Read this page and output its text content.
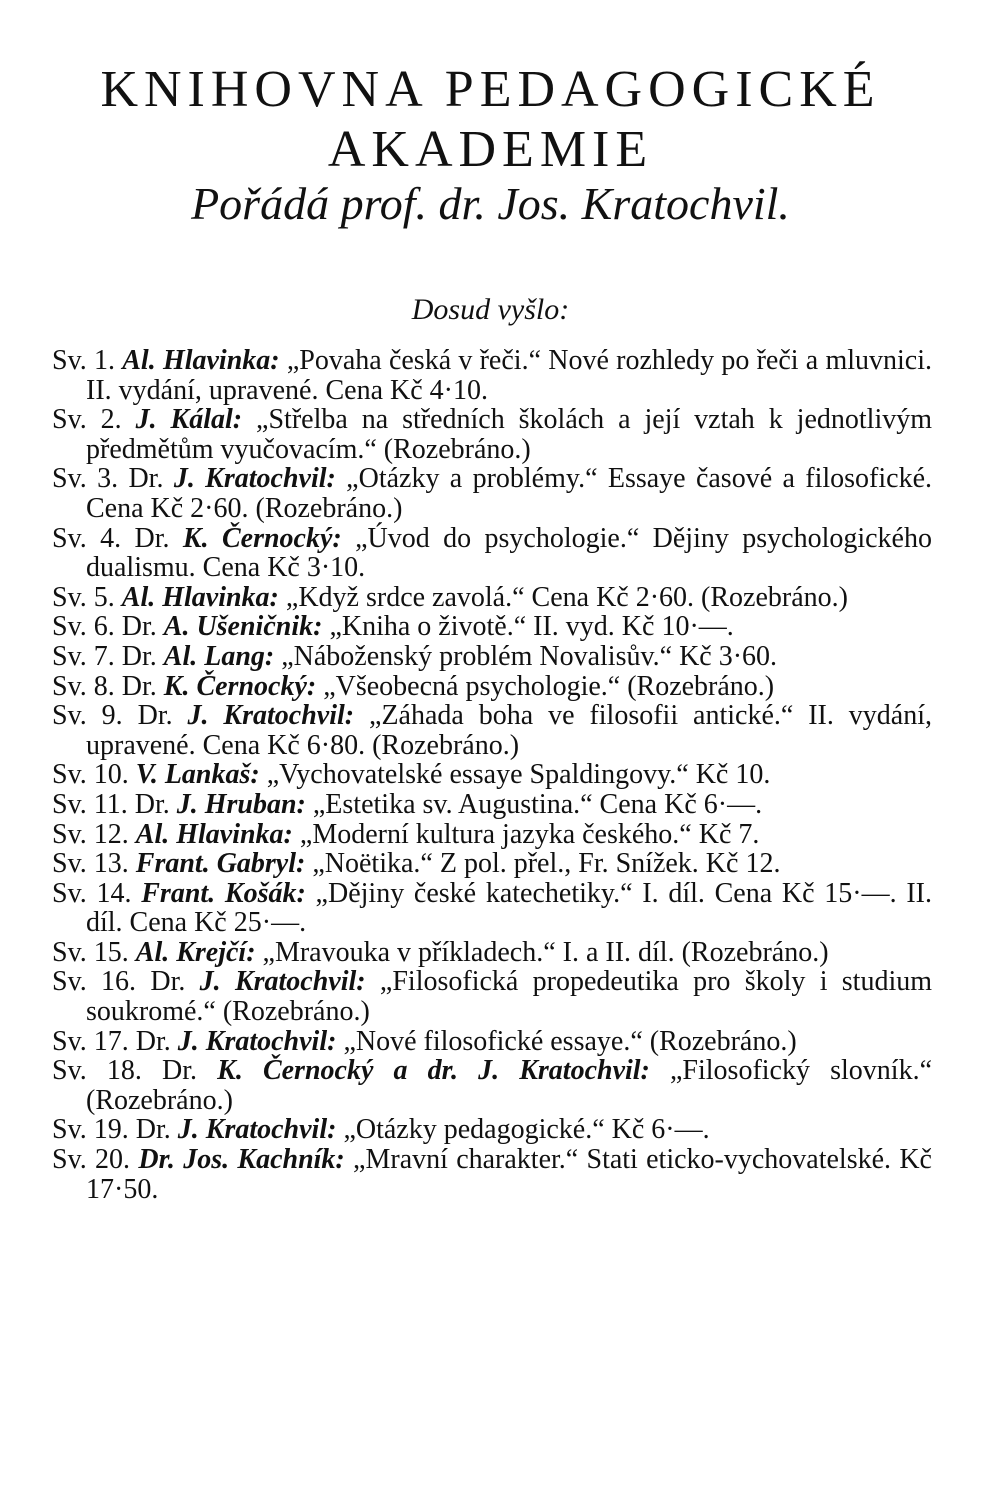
KNIHOVNA PEDAGOGICKÉ
AKADEMIE
Pořádá prof. dr. Jos. Kratochvil.
Dosud vyšlo:
Sv. 1. Al. Hlavinka: „Povaha česká v řeči.“ Nové rozhledy po řeči a mluvnici. II. vydání, upravené. Cena Kč 4·10.
Sv. 2. J. Kálal: „Střelba na středních školách a její vztah k jednotlivým předmětům vyučovacím.“ (Rozebráno.)
Sv. 3. Dr. J. Kratochvil: „Otázky a problémy.“ Essaye časové a filosofické. Cena Kč 2·60. (Rozebráno.)
Sv. 4. Dr. K. Černocký: „Úvod do psychologie.“ Dějiny psychologického dualismu. Cena Kč 3·10.
Sv. 5. Al. Hlavinka: „Když srdce zavolá.“ Cena Kč 2·60. (Rozebráno.)
Sv. 6. Dr. A. Ušeničnik: „Kniha o životě.“ II. vyd. Kč 10·—.
Sv. 7. Dr. Al. Lang: „Náboženský problém Novalisův.“ Kč 3·60.
Sv. 8. Dr. K. Černocký: „Všeobecná psychologie.“ (Rozebráno.)
Sv. 9. Dr. J. Kratochvil: „Záhada boha ve filosofii antické.“ II. vydání, upravené. Cena Kč 6·80. (Rozebráno.)
Sv. 10. V. Lankaš: „Vychovatelské essaye Spaldingovy.“ Kč 10.
Sv. 11. Dr. J. Hruban: „Estetika sv. Augustina.“ Cena Kč 6·—.
Sv. 12. Al. Hlavinka: „Moderní kultura jazyka českého.“ Kč 7.
Sv. 13. Frant. Gabryl: „Noëtika.“ Z pol. přel., Fr. Snížek. Kč 12.
Sv. 14. Frant. Košák: „Dějiny české katechetiky.“ I. díl. Cena Kč 15·—. II. díl. Cena Kč 25·—.
Sv. 15. Al. Krejčí: „Mravouka v příkladech.“ I. a II. díl. (Rozebráno.)
Sv. 16. Dr. J. Kratochvil: „Filosofická propedeutika pro školy i studium soukromé.“ (Rozebráno.)
Sv. 17. Dr. J. Kratochvil: „Nové filosofické essaye.“ (Rozebráno.)
Sv. 18. Dr. K. Černocký a dr. J. Kratochvil: „Filosofický slovník.“ (Rozebráno.)
Sv. 19. Dr. J. Kratochvil: „Otázky pedagogické.“ Kč 6·—.
Sv. 20. Dr. Jos. Kachník: „Mravní charakter.“ Stati eticko-vychovatelské. Kč 17·50.
